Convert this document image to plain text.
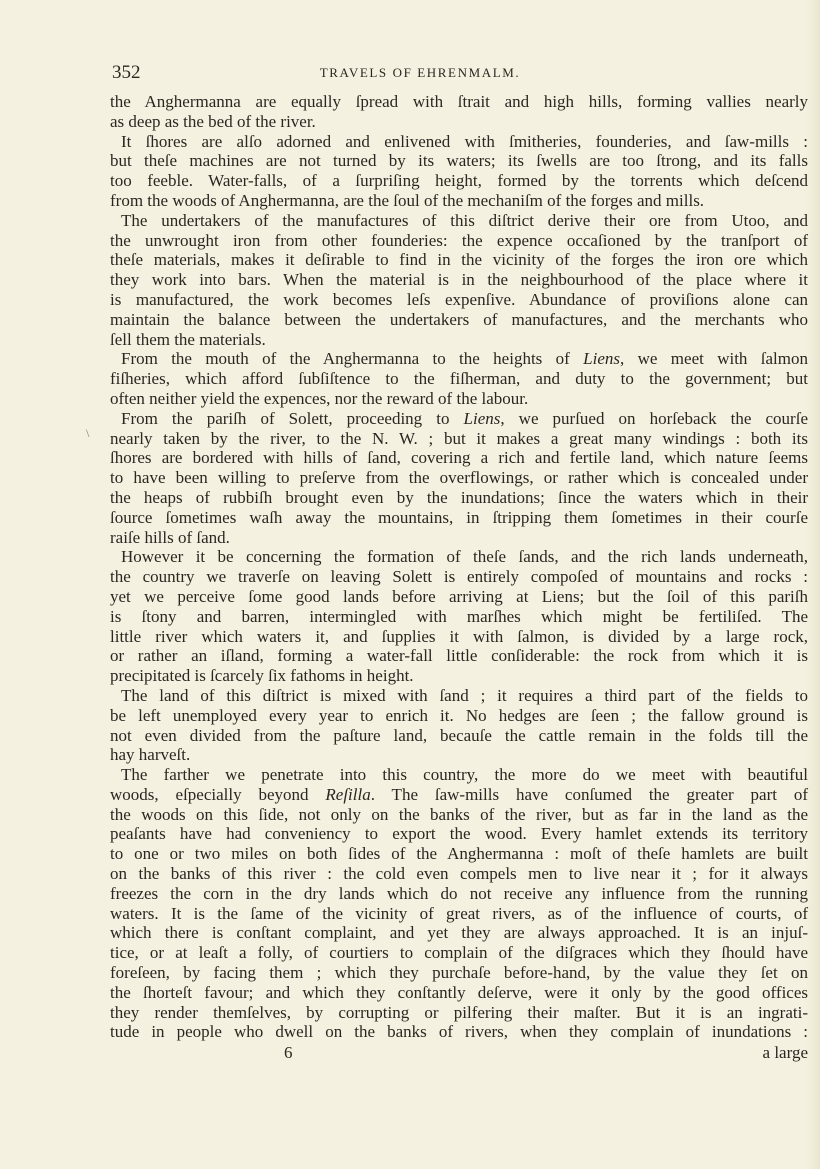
352	TRAVELS OF EHRENMALM.
\
the Anghermanna are equally ſpread with ſtrait and high hills, forming vallies nearly
as deep as the bed of the river.
It ſhores are alſo adorned and enlivened with ſmitheries, founderies, and ſaw-mills :
but theſe machines are not turned by its waters; its ſwells are too ſtrong, and its falls
too feeble. Water-falls, of a ſurpriſing height, formed by the torrents which deſcend
from the woods of Anghermanna, are the ſoul of the mechaniſm of the forges and mills.
The undertakers of the manufactures of this diſtrict derive their ore from Utoo, and
the unwrought iron from other founderies: the expence occaſioned by the tranſport of
theſe materials, makes it deſirable to find in the vicinity of the forges the iron ore which
they work into bars. When the material is in the neighbourhood of the place where it
is manufactured, the work becomes leſs expenſive. Abundance of proviſions alone can
maintain the balance between the undertakers of manufactures, and the merchants who
ſell them the materials.
From the mouth of the Anghermanna to the heights of Liens, we meet with ſalmon
fiſheries, which afford ſubſiſtence to the fiſherman, and duty to the government; but
often neither yield the expences, nor the reward of the labour.
From the pariſh of Solett, proceeding to Liens, we purſued on horſeback the courſe
nearly taken by the river, to the N. W. ; but it makes a great many windings : both its
ſhores are bordered with hills of ſand, covering a rich and fertile land, which nature ſeems
to have been willing to preſerve from the overflowings, or rather which is concealed under
the heaps of rubbiſh brought even by the inundations; ſince the waters which in their
ſource ſometimes waſh away the mountains, in ſtripping them ſometimes in their courſe
raiſe hills of ſand.
However it be concerning the formation of theſe ſands, and the rich lands underneath,
the country we traverſe on leaving Solett is entirely compoſed of mountains and rocks :
yet we perceive ſome good lands before arriving at Liens; but the ſoil of this pariſh
is ſtony and barren, intermingled with marſhes which might be fertiliſed. The
little river which waters it, and ſupplies it with ſalmon, is divided by a large rock,
or rather an iſland, forming a water-fall little conſiderable: the rock from which it is
precipitated is ſcarcely ſix fathoms in height.
The land of this diſtrict is mixed with ſand ; it requires a third part of the fields to
be left unemployed every year to enrich it. No hedges are ſeen ; the fallow ground is
not even divided from the paſture land, becauſe the cattle remain in the folds till the
hay harveſt.
The farther we penetrate into this country, the more do we meet with beautiful
woods, eſpecially beyond Reſilla. The ſaw-mills have conſumed the greater part of
the woods on this ſide, not only on the banks of the river, but as far in the land as the
peaſants have had conveniency to export the wood. Every hamlet extends its territory
to one or two miles on both ſides of the Anghermanna : moſt of theſe hamlets are built
on the banks of this river : the cold even compels men to live near it ; for it always
freezes the corn in the dry lands which do not receive any influence from the running
waters. It is the ſame of the vicinity of great rivers, as of the influence of courts, of
which there is conſtant complaint, and yet they are always approached. It is an injuſ-
tice, or at leaſt a folly, of courtiers to complain of the diſgraces which they ſhould have
foreſeen, by facing them ; which they purchaſe before-hand, by the value they ſet on
the ſhorteſt favour; and which they conſtantly deſerve, were it only by the good offices
they render themſelves, by corrupting or pilfering their maſter. But it is an ingrati-
tude in people who dwell on the banks of rivers, when they complain of inundations :
6	a large
